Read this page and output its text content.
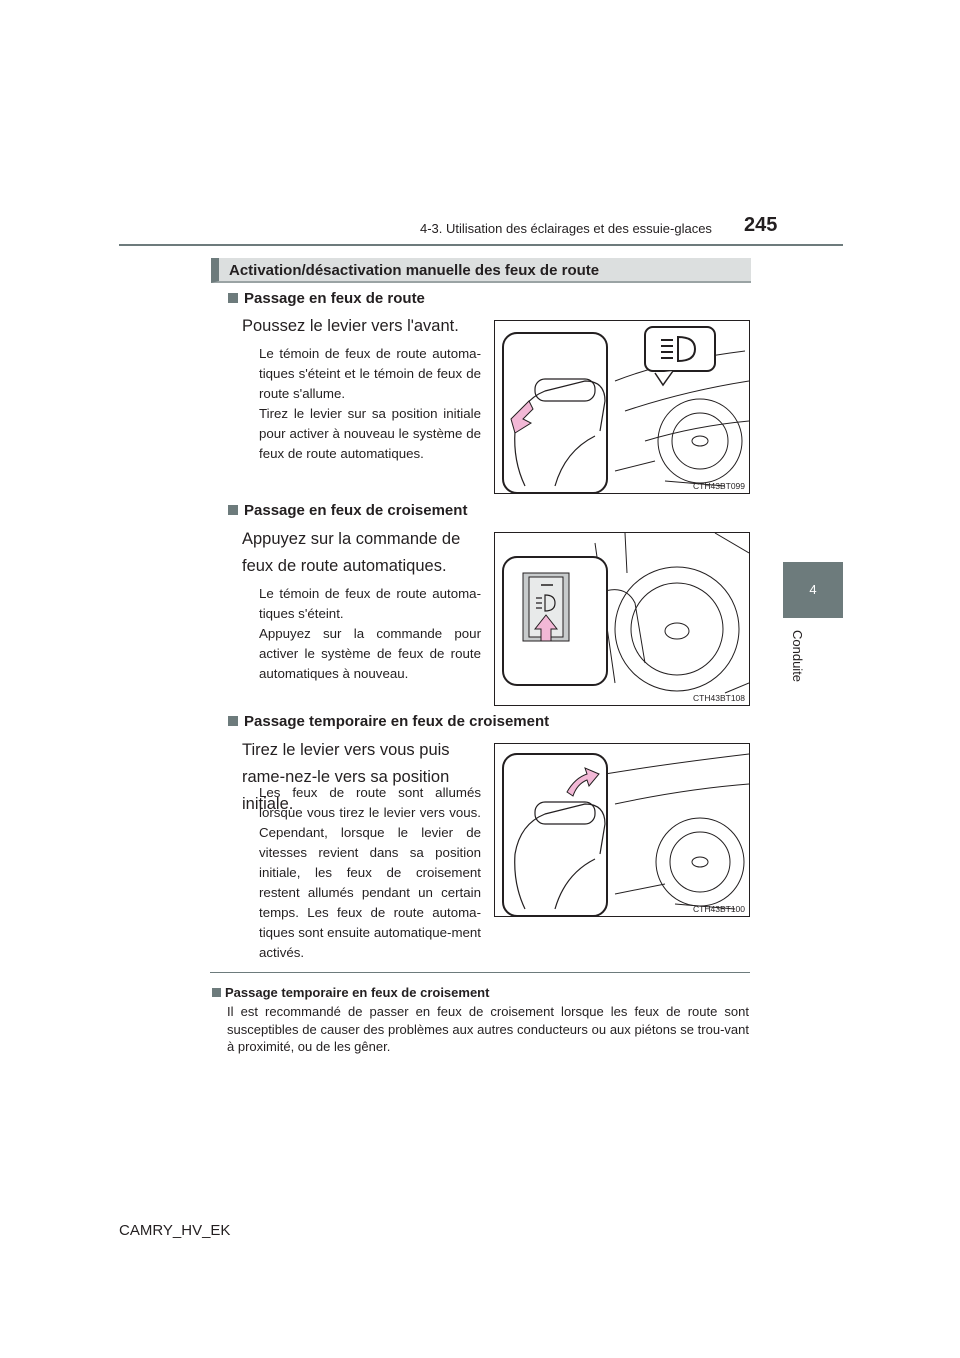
4-3. Utilisation des éclairages et des essuie-glaces 245
4
Conduite
Activation/désactivation manuelle des feux de route
Passage en feux de route
Poussez le levier vers l'avant.
Le témoin de feux de route automa-tiques s'éteint et le témoin de feux de route s'allume.
Tirez le levier sur sa position initiale pour activer à nouveau le système de feux de route automatiques.
CTH43BT099
Passage en feux de croisement
Appuyez sur la commande de feux de route automatiques.
Le témoin de feux de route automa-tiques s'éteint.
Appuyez sur la commande pour activer le système de feux de route automatiques à nouveau.
CTH43BT108
Passage temporaire en feux de croisement
Tirez le levier vers vous puis rame-nez-le vers sa position initiale.
Les feux de route sont allumés lorsque vous tirez le levier vers vous. Cependant, lorsque le levier de vitesses revient dans sa position initiale, les feux de croisement restent allumés pendant un certain temps. Les feux de route automa-tiques sont ensuite automatique-ment activés.
CTH43BT100
Passage temporaire en feux de croisement
Il est recommandé de passer en feux de croisement lorsque les feux de route sont susceptibles de causer des problèmes aux autres conducteurs ou aux piétons se trou-vant à proximité, ou de les gêner.
CAMRY_HV_EK
